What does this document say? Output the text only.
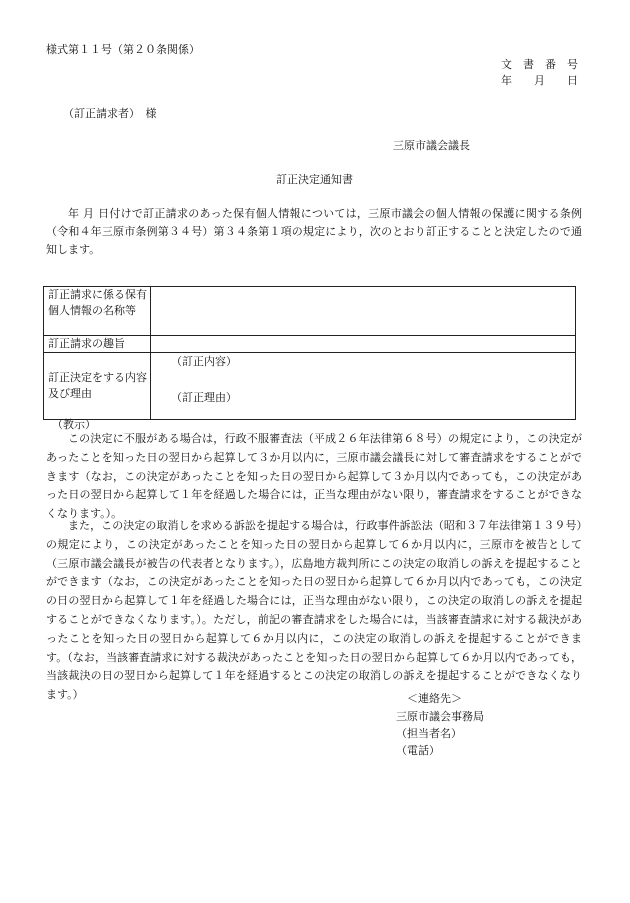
様式第１１号（第２０条関係）
文　書　番　号
年　　月　　日
（訂正請求者）　様
三原市議会議長
訂正決定通知書
年 月 日付けで訂正請求のあった保有個人情報については，三原市議会の個人情報の保護に関する条例（令和４年三原市条例第３４号）第３４条第１項の規定により，次のとおり訂正することと決定したので通知します。
訂正請求に係る保有個人情報の名称等	
訂正請求の趣旨	
訂正決定をする内容及び理由	（訂正内容）
（訂正理由）
（教示）
この決定に不服がある場合は，行政不服審査法（平成２６年法律第６８号）の規定により，この決定があったことを知った日の翌日から起算して３か月以内に，三原市議会議長に対して審査請求をすることができます（なお，この決定があったことを知った日の翌日から起算して３か月以内であっても，この決定があった日の翌日から起算して１年を経過した場合には，正当な理由がない限り，審査請求をすることができなくなります。）。
また，この決定の取消しを求める訴訟を提起する場合は，行政事件訴訟法（昭和３７年法律第１３９号）の規定により，この決定があったことを知った日の翌日から起算して６か月以内に，三原市を被告として（三原市議会議長が被告の代表者となります。），広島地方裁判所にこの決定の取消しの訴えを提起することができます（なお，この決定があったことを知った日の翌日から起算して６か月以内であっても，この決定の日の翌日から起算して１年を経過した場合には，正当な理由がない限り，この決定の取消しの訴えを提起することができなくなります。）。ただし，前記の審査請求をした場合には，当該審査請求に対する裁決があったことを知った日の翌日から起算して６か月以内に，この決定の取消しの訴えを提起することができます。（なお，当該審査請求に対する裁決があったことを知った日の翌日から起算して６か月以内であっても，当該裁決の日の翌日から起算して１年を経過するとこの決定の取消しの訴えを提起することができなくなります。）	＜連絡先＞
三原市議会事務局
（担当者名）
（電話）
